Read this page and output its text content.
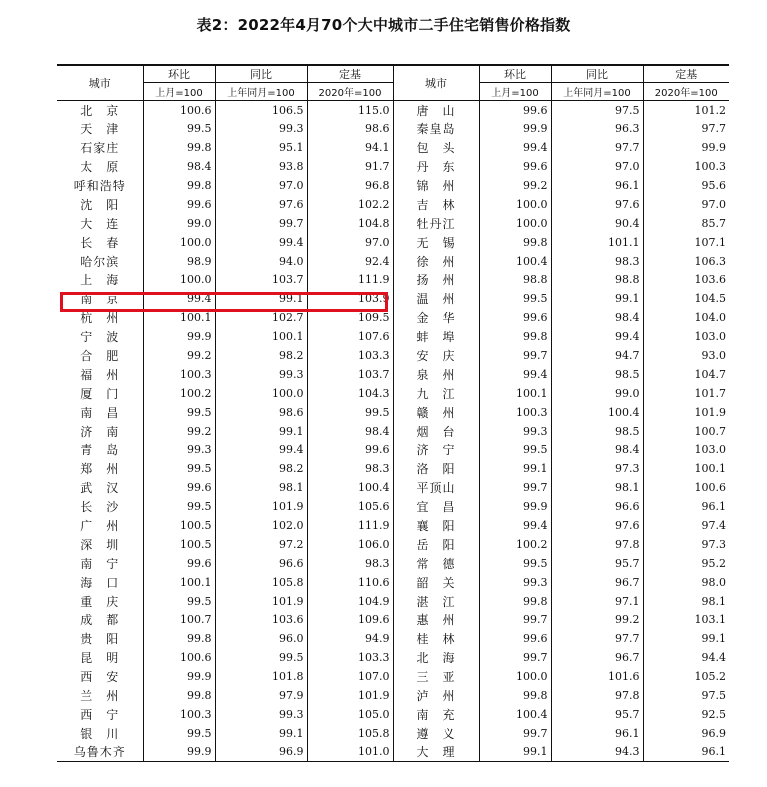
表2：2022年4月70个大中城市二手住宅销售价格指数
城市	环比	同比	定基	城市	环比	同比	定基
	上月=100	上年同月=100	2020年=100		上月=100	上年同月=100	2020年=100
北　京	100.6	106.5	115.0	唐　山	99.6	97.5	101.2
天　津	99.5	99.3	98.6	秦皇岛	99.9	96.3	97.7
石家庄	99.8	95.1	94.1	包　头	99.4	97.7	99.9
太　原	98.4	93.8	91.7	丹　东	99.6	97.0	100.3
呼和浩特	99.8	97.0	96.8	锦　州	99.2	96.1	95.6
沈　阳	99.6	97.6	102.2	吉　林	100.0	97.6	97.0
大　连	99.0	99.7	104.8	牡丹江	100.0	90.4	85.7
长　春	100.0	99.4	97.0	无　锡	99.8	101.1	107.1
哈尔滨	98.9	94.0	92.4	徐　州	100.4	98.3	106.3
上　海	100.0	103.7	111.9	扬　州	98.8	98.8	103.6
南　京	99.4	99.1	103.9	温　州	99.5	99.1	104.5
杭　州	100.1	102.7	109.5	金　华	99.6	98.4	104.0
宁　波	99.9	100.1	107.6	蚌　埠	99.8	99.4	103.0
合　肥	99.2	98.2	103.3	安　庆	99.7	94.7	93.0
福　州	100.3	99.3	103.7	泉　州	99.4	98.5	104.7
厦　门	100.2	100.0	104.3	九　江	100.1	99.0	101.7
南　昌	99.5	98.6	99.5	赣　州	100.3	100.4	101.9
济　南	99.2	99.1	98.4	烟　台	99.3	98.5	100.7
青　岛	99.3	99.4	99.6	济　宁	99.5	98.4	103.0
郑　州	99.5	98.2	98.3	洛　阳	99.1	97.3	100.1
武　汉	99.6	98.1	100.4	平顶山	99.7	98.1	100.6
长　沙	99.5	101.9	105.6	宜　昌	99.9	96.6	96.1
广　州	100.5	102.0	111.9	襄　阳	99.4	97.6	97.4
深　圳	100.5	97.2	106.0	岳　阳	100.2	97.8	97.3
南　宁	99.6	96.6	98.3	常　德	99.5	95.7	95.2
海　口	100.1	105.8	110.6	韶　关	99.3	96.7	98.0
重　庆	99.5	101.9	104.9	湛　江	99.8	97.1	98.1
成　都	100.7	103.6	109.6	惠　州	99.7	99.2	103.1
贵　阳	99.8	96.0	94.9	桂　林	99.6	97.7	99.1
昆　明	100.6	99.5	103.3	北　海	99.7	96.7	94.4
西　安	99.9	101.8	107.0	三　亚	100.0	101.6	105.2
兰　州	99.8	97.9	101.9	泸　州	99.8	97.8	97.5
西　宁	100.3	99.3	105.0	南　充	100.4	95.7	92.5
银　川	99.5	99.1	105.8	遵　义	99.7	96.1	96.9
乌鲁木齐	99.9	96.9	101.0	大　理	99.1	94.3	96.1
